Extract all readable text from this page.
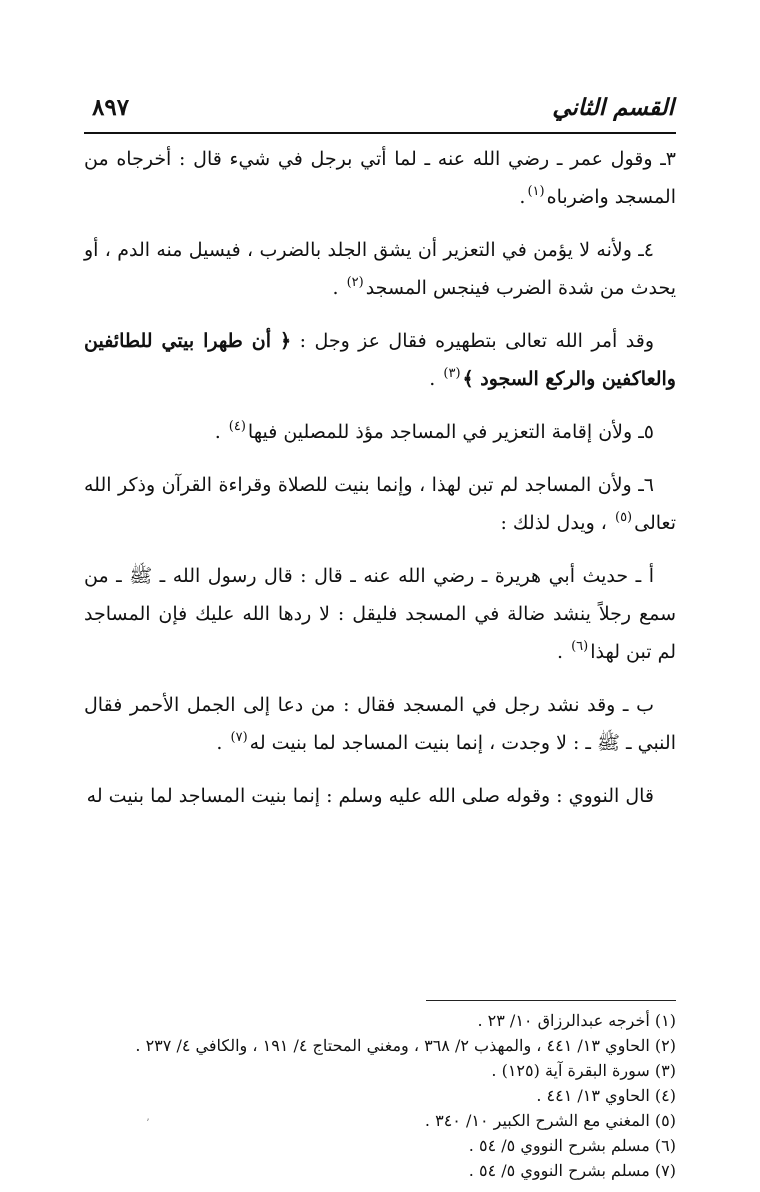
القسم الثاني
٨٩٧

٣ـ وقول عمر ـ رضي الله عنه ـ لما أتي برجل في شيء قال : أخرجاه من المسجد واضرباه$^{(١)}$.

٤ـ ولأنه لا يؤمن في التعزير أن يشق الجلد بالضرب ، فيسيل منه الدم ، أو يحدث من شدة الضرب فينجس المسجد$^{(٢)}$ .

وقد أمر الله تعالى بتطهيره فقال عز وجل : ﴿ أن طهرا بيتي للطائفين والعاكفين والركع السجود ﴾$^{(٣)}$ .

٥ـ ولأن إقامة التعزير في المساجد مؤذ للمصلين فيها$^{(٤)}$ .

٦ـ ولأن المساجد لم تبن لهذا ، وإنما بنيت للصلاة وقراءة القرآن وذكر الله تعالى$^{(٥)}$ ، ويدل لذلك :

أ ـ حديث أبي هريرة ـ رضي الله عنه ـ قال : قال رسول الله ـ ﷺ ـ من سمع رجلاً ينشد ضالة في المسجد فليقل : لا ردها الله عليك فإن المساجد لم تبن لهذا$^{(٦)}$ .

ب ـ وقد نشد رجل في المسجد فقال : من دعا إلى الجمل الأحمر فقال النبي ـ ﷺ ـ : لا وجدت ، إنما بنيت المساجد لما بنيت له$^{(٧)}$ .

قال النووي : وقوله صلى الله عليه وسلم : إنما بنيت المساجد لما بنيت له

(١) أخرجه عبدالرزاق ١٠/ ٢٣ .
(٢) الحاوي ١٣/ ٤٤١ ، والمهذب ٢/ ٣٦٨ ، ومغني المحتاج ٤/ ١٩١ ، والكافي ٤/ ٢٣٧ .
(٣) سورة البقرة آية (١٢٥) .
(٤) الحاوي ١٣/ ٤٤١ .
(٥) المغني مع الشرح الكبير ١٠/ ٣٤٠ .
(٦) مسلم بشرح النووي ٥/ ٥٤ .
(٧) مسلم بشرح النووي ٥/ ٥٤ .
ʼ
